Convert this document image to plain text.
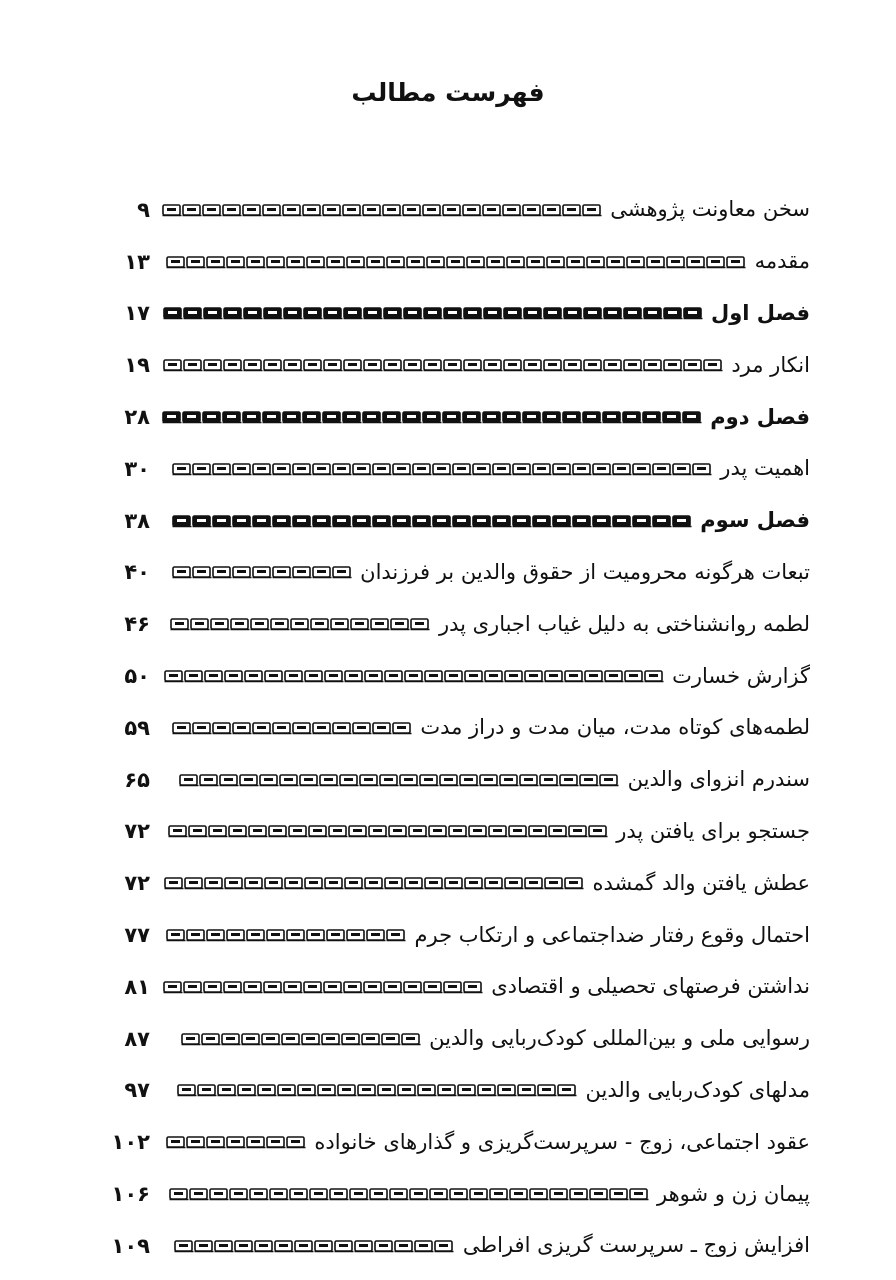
فهرست مطالب
سخن معاونت پژوهشی
۹
مقدمه
۱۳
فصل اول
۱۷
انکار مرد
۱۹
فصل دوم
۲۸
اهمیت پدر
۳۰
فصل سوم
۳۸
تبعات هرگونه محرومیت از حقوق والدین بر فرزندان
۴۰
لطمه روانشناختی به دلیل غیاب اجباری پدر
۴۶
گزارش خسارت
۵۰
لطمه‌های کوتاه مدت، میان مدت و دراز مدت
۵۹
سندرم انزوای والدین
۶۵
جستجو برای یافتن پدر
۷۲
عطش یافتن والد گمشده
۷۲
احتمال وقوع رفتار ضداجتماعی و ارتکاب جرم
۷۷
نداشتن فرصتهای تحصیلی و اقتصادی
۸۱
رسوایی ملی و بین‌المللی کودک‌ربایی والدین
۸۷
مدلهای کودک‌ربایی والدین
۹۷
عقود اجتماعی، زوج - سرپرست‌گریزی و گذارهای خانواده
۱۰۲
پیمان زن و شوهر
۱۰۶
افزایش زوج ـ سرپرست گریزی افراطی
۱۰۹
